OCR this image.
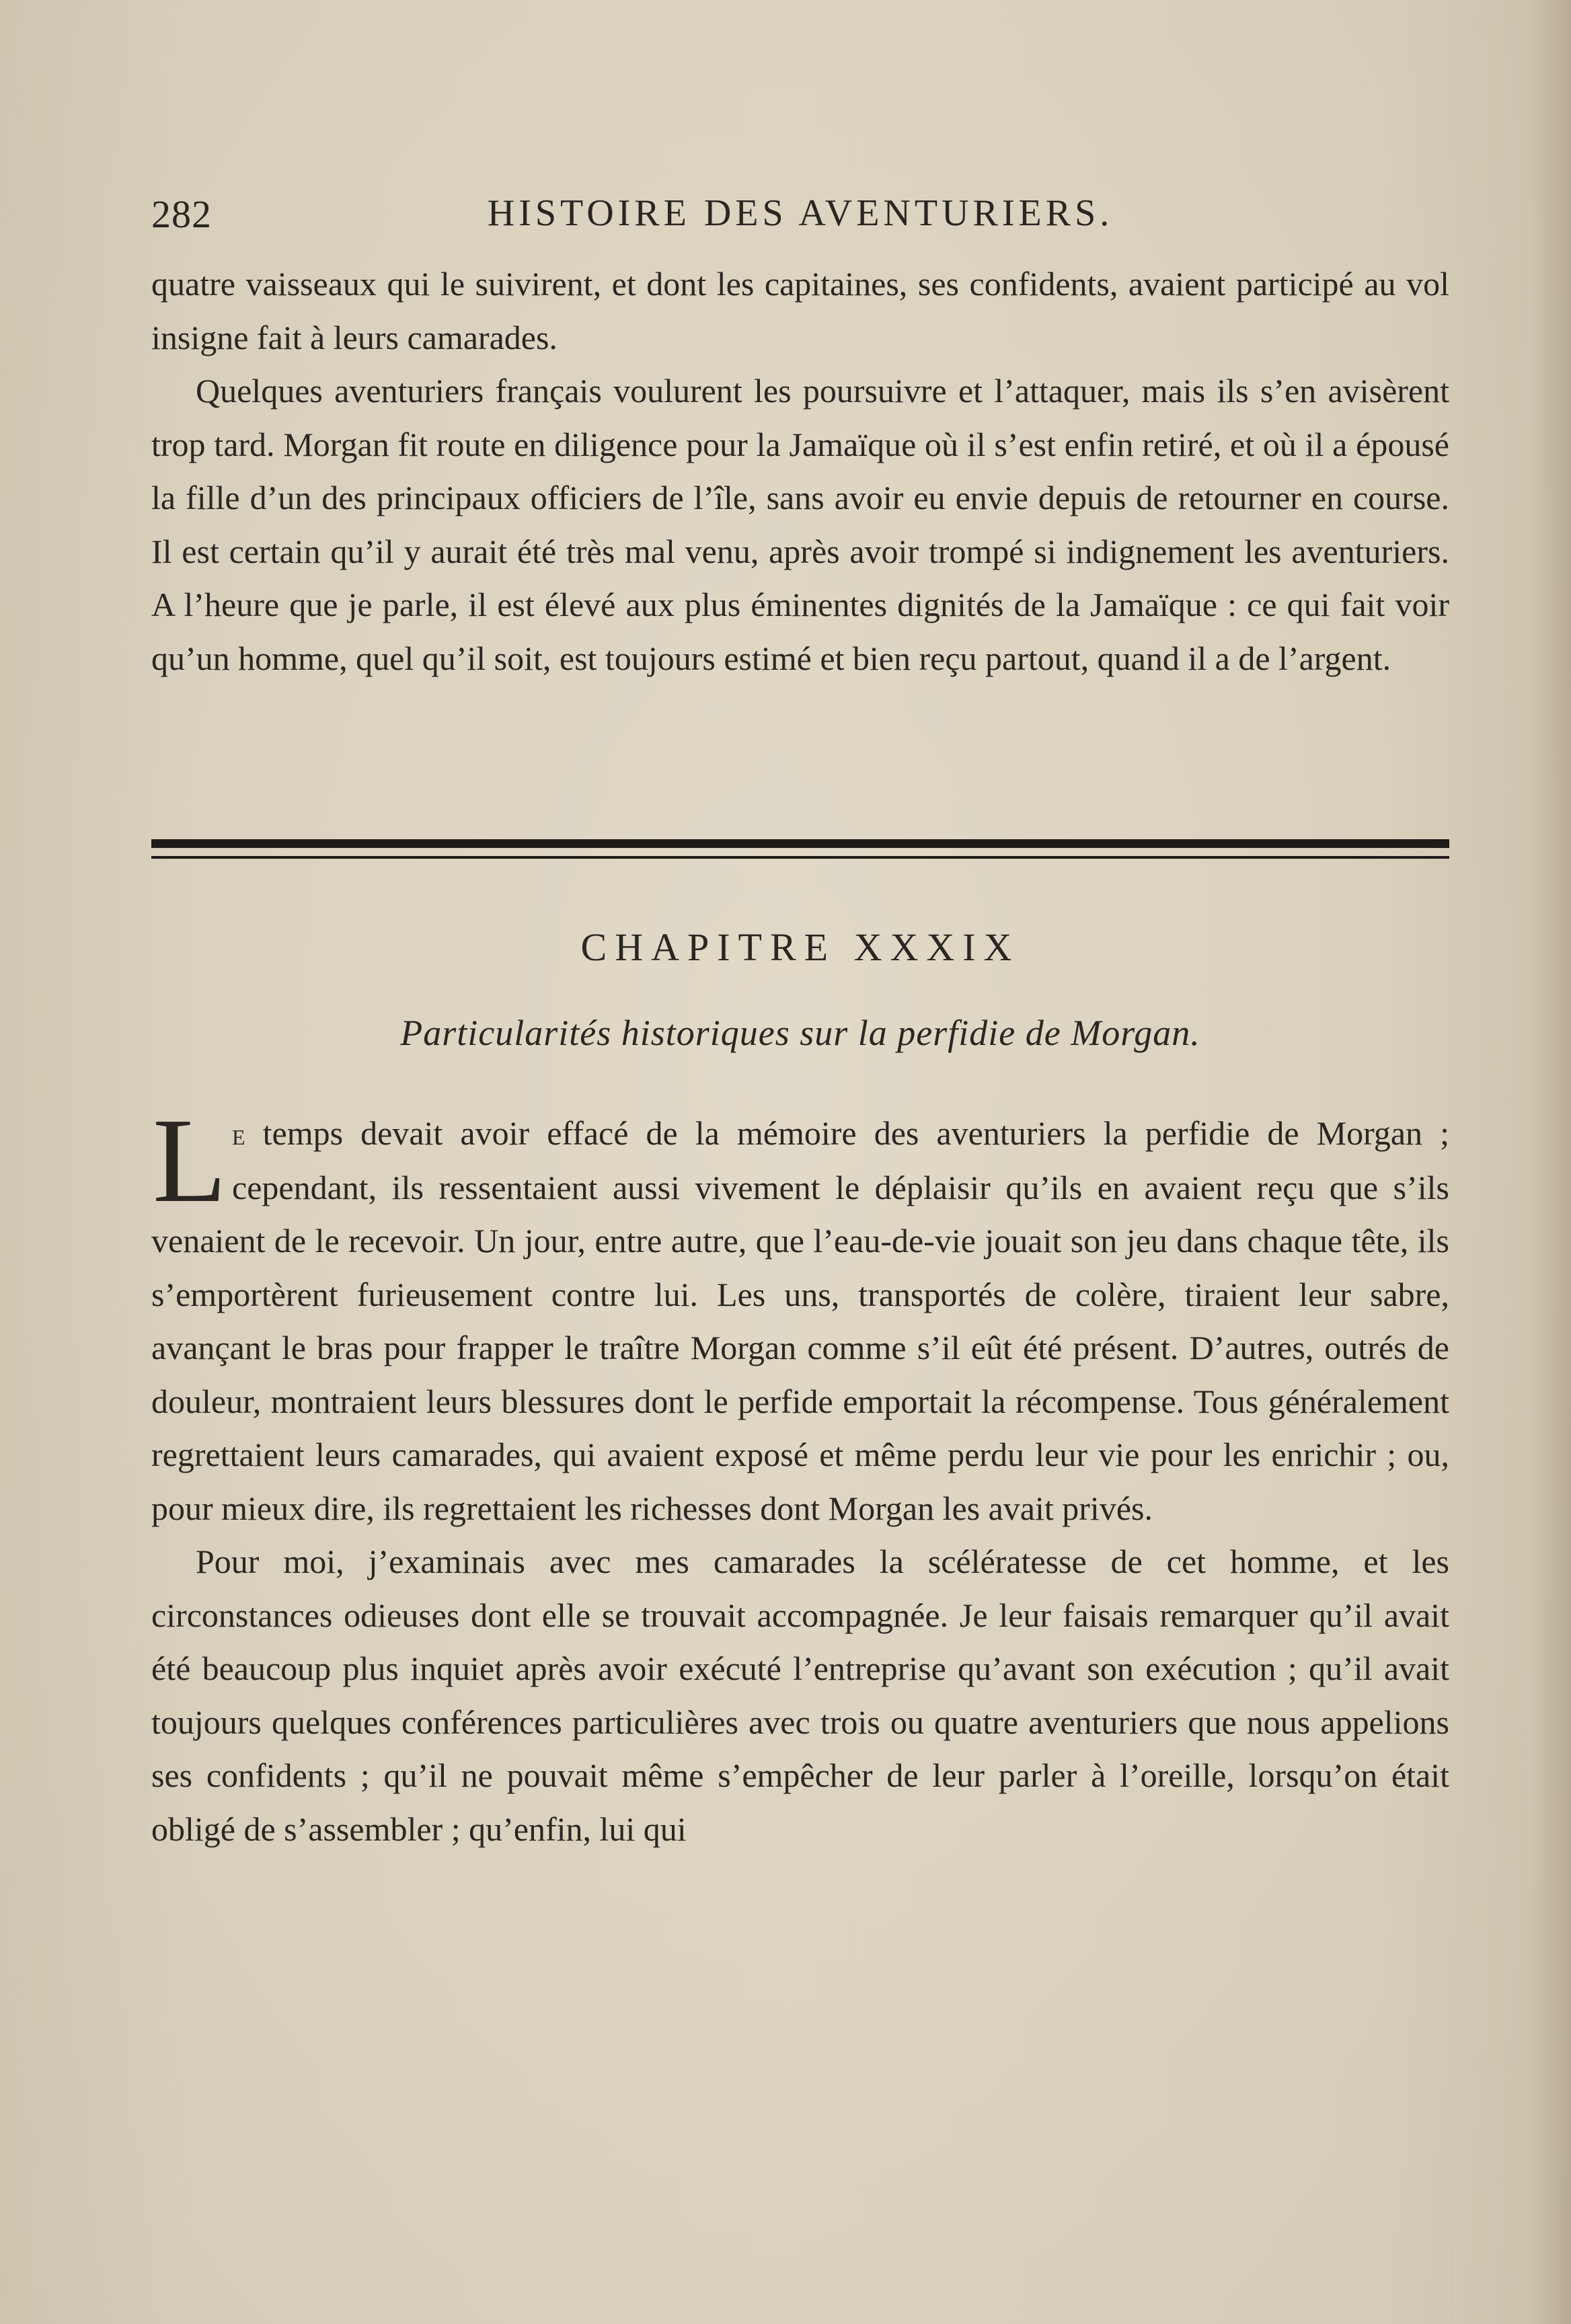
282	HISTOIRE DES AVENTURIERS.

quatre vaisseaux qui le suivirent, et dont les capitaines, ses confidents, avaient participé au vol insigne fait à leurs camarades.

Quelques aventuriers français voulurent les poursuivre et l’attaquer, mais ils s’en avisèrent trop tard. Morgan fit route en diligence pour la Jamaïque où il s’est enfin retiré, et où il a épousé la fille d’un des principaux officiers de l’île, sans avoir eu envie depuis de retourner en course. Il est certain qu’il y aurait été très mal venu, après avoir trompé si indignement les aventuriers. A l’heure que je parle, il est élevé aux plus éminentes dignités de la Jamaïque : ce qui fait voir qu’un homme, quel qu’il soit, est toujours estimé et bien reçu partout, quand il a de l’argent.

CHAPITRE XXXIX
Particularités historiques sur la perfidie de Morgan.

L e temps devait avoir effacé de la mémoire des aventuriers la perfidie de Morgan ; cependant, ils ressentaient aussi vivement le déplaisir qu’ils en avaient reçu que s’ils venaient de le recevoir. Un jour, entre autre, que l’eau-de-vie jouait son jeu dans chaque tête, ils s’emportèrent furieusement contre lui. Les uns, transportés de colère, tiraient leur sabre, avançant le bras pour frapper le traître Morgan comme s’il eût été présent. D’autres, outrés de douleur, montraient leurs blessures dont le perfide emportait la récompense. Tous généralement regrettaient leurs camarades, qui avaient exposé et même perdu leur vie pour les enrichir ; ou, pour mieux dire, ils regrettaient les richesses dont Morgan les avait privés.

Pour moi, j’examinais avec mes camarades la scélératesse de cet homme, et les circonstances odieuses dont elle se trouvait accompagnée. Je leur faisais remarquer qu’il avait été beaucoup plus inquiet après avoir exécuté l’entreprise qu’avant son exécution ; qu’il avait toujours quelques conférences particulières avec trois ou quatre aventuriers que nous appelions ses confidents ; qu’il ne pouvait même s’empêcher de leur parler à l’oreille, lorsqu’on était obligé de s’assembler ; qu’enfin, lui qui
